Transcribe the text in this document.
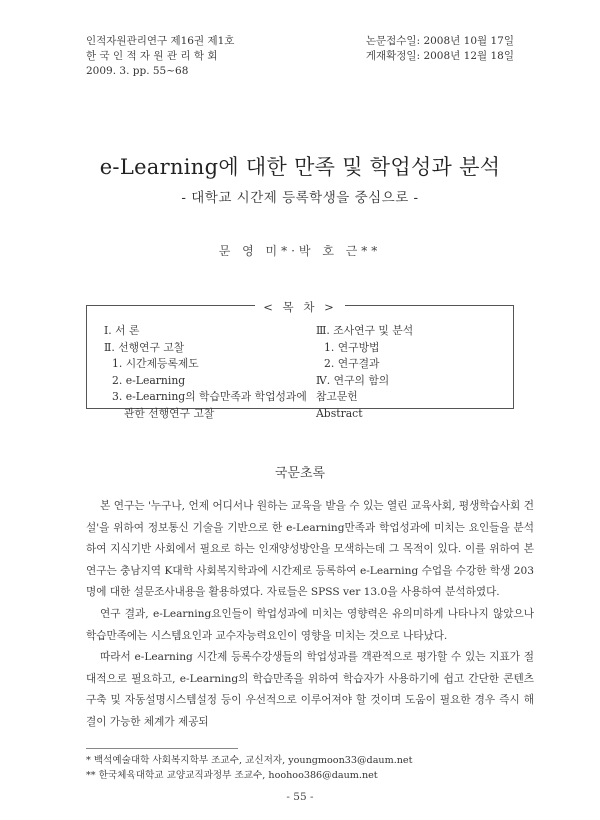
인적자원관리연구 제16권 제1호
한 국 인 적 자 원 관 리 학 회
2009. 3. pp. 55~68
논문접수일: 2008년 10월 17일
게재확정일: 2008년 12월 18일
e-Learning에 대한 만족 및 학업성과 분석
- 대학교 시간제 등록학생을 중심으로 -
문 영 미*·박 호 근**
< 목 차 >
Ⅰ. 서 론
Ⅱ. 선행연구 고찰
1. 시간제등록제도
2. e-Learning
3. e-Learning의 학습만족과 학업성과에
관한 선행연구 고찰
Ⅲ. 조사연구 및 분석
1. 연구방법
2. 연구결과
Ⅳ. 연구의 함의
참고문헌
Abstract
국문초록

본 연구는 '누구나, 언제 어디서나 원하는 교육을 받을 수 있는 열린 교육사회, 평생학습사회 건설'을 위하여 정보통신 기술을 기반으로 한 e-Learning만족과 학업성과에 미치는 요인들을 분석하여 지식기반 사회에서 필요로 하는 인재양성방안을 모색하는데 그 목적이 있다. 이를 위하여 본 연구는 충남지역 K대학 사회복지학과에 시간제로 등록하여 e-Learning 수업을 수강한 학생 203명에 대한 설문조사내용을 활용하였다. 자료들은 SPSS ver 13.0을 사용하여 분석하였다.

연구 결과, e-Learning요인들이 학업성과에 미치는 영향력은 유의미하게 나타나지 않았으나 학습만족에는 시스템요인과 교수자능력요인이 영향을 미치는 것으로 나타났다.

따라서 e-Learning 시간제 등록수강생들의 학업성과를 객관적으로 평가할 수 있는 지표가 절대적으로 필요하고, e-Learning의 학습만족을 위하여 학습자가 사용하기에 쉽고 간단한 콘텐츠구축 및 자동설명시스템설정 등이 우선적으로 이루어져야 할 것이며 도움이 필요한 경우 즉시 해결이 가능한 체계가 제공되

* 백석예술대학 사회복지학부 조교수, 교신저자, youngmoon33@daum.net
** 한국체육대학교 교양교직과정부 조교수, hoohoo386@daum.net
- 55 -
